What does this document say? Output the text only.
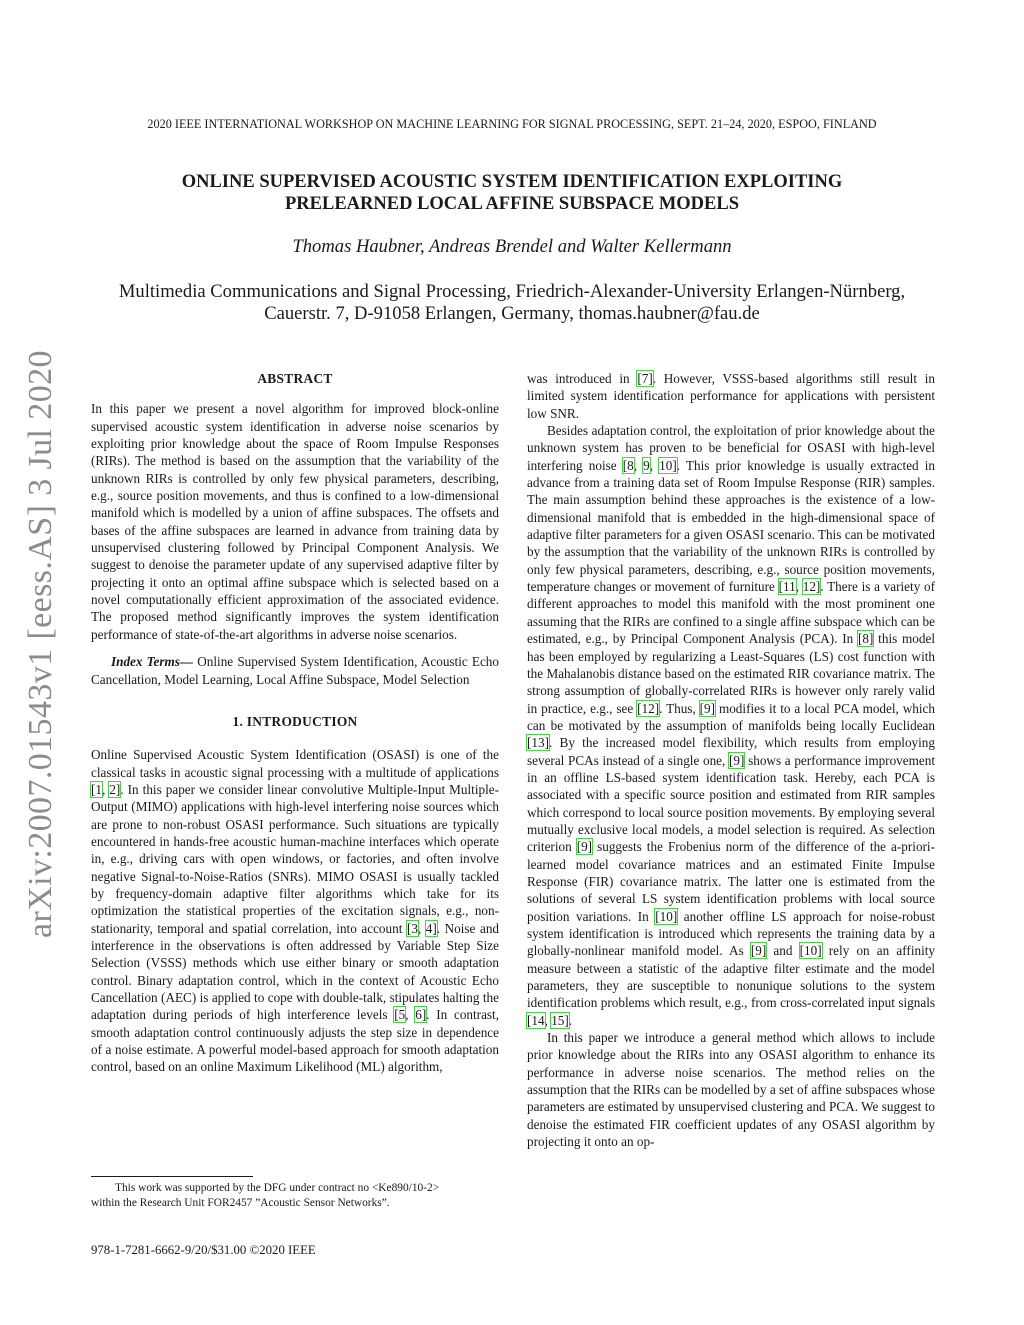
2020 IEEE INTERNATIONAL WORKSHOP ON MACHINE LEARNING FOR SIGNAL PROCESSING, SEPT. 21–24, 2020, ESPOO, FINLAND
ONLINE SUPERVISED ACOUSTIC SYSTEM IDENTIFICATION EXPLOITING
PRELEARNED LOCAL AFFINE SUBSPACE MODELS
Thomas Haubner, Andreas Brendel and Walter Kellermann
Multimedia Communications and Signal Processing, Friedrich-Alexander-University Erlangen-Nürnberg,
Cauerstr. 7, D-91058 Erlangen, Germany, thomas.haubner@fau.de
arXiv:2007.01543v1 [eess.AS] 3 Jul 2020	ABSTRACT

In this paper we present a novel algorithm for improved block-online supervised acoustic system identification in adverse noise scenarios by exploiting prior knowledge about the space of Room Impulse Responses (RIRs). The method is based on the assumption that the variability of the unknown RIRs is controlled by only few physical parameters, describing, e.g., source position movements, and thus is confined to a low-dimensional manifold which is modelled by a union of affine subspaces. The offsets and bases of the affine subspaces are learned in advance from training data by unsupervised clustering followed by Principal Component Analysis. We suggest to denoise the parameter update of any supervised adaptive filter by projecting it onto an optimal affine subspace which is selected based on a novel computationally efficient approximation of the associated evidence. The proposed method significantly improves the system identification performance of state-of-the-art algorithms in adverse noise scenarios.

Index Terms— Online Supervised System Identification, Acoustic Echo Cancellation, Model Learning, Local Affine Subspace, Model Selection

1. INTRODUCTION

Online Supervised Acoustic System Identification (OSASI) is one of the classical tasks in acoustic signal processing with a multitude of applications [1, 2]. In this paper we consider linear convolutive Multiple-Input Multiple-Output (MIMO) applications with high-level interfering noise sources which are prone to non-robust OSASI performance. Such situations are typically encountered in hands-free acoustic human-machine interfaces which operate in, e.g., driving cars with open windows, or factories, and often involve negative Signal-to-Noise-Ratios (SNRs). MIMO OSASI is usually tackled by frequency-domain adaptive filter algorithms which take for its optimization the statistical properties of the excitation signals, e.g., non-stationarity, temporal and spatial correlation, into account [3, 4]. Noise and interference in the observations is often addressed by Variable Step Size Selection (VSSS) methods which use either binary or smooth adaptation control. Binary adaptation control, which in the context of Acoustic Echo Cancellation (AEC) is applied to cope with double-talk, stipulates halting the adaptation during periods of high interference levels [5, 6]. In contrast, smooth adaptation control continuously adjusts the step size in dependence of a noise estimate. A powerful model-based approach for smooth adaptation control, based on an online Maximum Likelihood (ML) algorithm,

was introduced in [7]. However, VSSS-based algorithms still result in limited system identification performance for applications with persistent low SNR.

Besides adaptation control, the exploitation of prior knowledge about the unknown system has proven to be beneficial for OSASI with high-level interfering noise [8, 9, 10]. This prior knowledge is usually extracted in advance from a training data set of Room Impulse Response (RIR) samples. The main assumption behind these approaches is the existence of a low-dimensional manifold that is embedded in the high-dimensional space of adaptive filter parameters for a given OSASI scenario. This can be motivated by the assumption that the variability of the unknown RIRs is controlled by only few physical parameters, describing, e.g., source position movements, temperature changes or movement of furniture [11, 12]. There is a variety of different approaches to model this manifold with the most prominent one assuming that the RIRs are confined to a single affine subspace which can be estimated, e.g., by Principal Component Analysis (PCA). In [8] this model has been employed by regularizing a Least-Squares (LS) cost function with the Mahalanobis distance based on the estimated RIR covariance matrix. The strong assumption of globally-correlated RIRs is however only rarely valid in practice, e.g., see [12]. Thus, [9] modifies it to a local PCA model, which can be motivated by the assumption of manifolds being locally Euclidean [13]. By the increased model flexibility, which results from employing several PCAs instead of a single one, [9] shows a performance improvement in an offline LS-based system identification task. Hereby, each PCA is associated with a specific source position and estimated from RIR samples which correspond to local source position movements. By employing several mutually exclusive local models, a model selection is required. As selection criterion [9] suggests the Frobenius norm of the difference of the a-priori-learned model covariance matrices and an estimated Finite Impulse Response (FIR) covariance matrix. The latter one is estimated from the solutions of several LS system identification problems with local source position variations. In [10] another offline LS approach for noise-robust system identification is introduced which represents the training data by a globally-nonlinear manifold model. As [9] and [10] rely on an affinity measure between a statistic of the adaptive filter estimate and the model parameters, they are susceptible to nonunique solutions to the system identification problems which result, e.g., from cross-correlated input signals [14, 15].

In this paper we introduce a general method which allows to include prior knowledge about the RIRs into any OSASI algorithm to enhance its performance in adverse noise scenarios. The method relies on the assumption that the RIRs can be modelled by a set of affine subspaces whose parameters are estimated by unsupervised clustering and PCA. We suggest to denoise the estimated FIR coefficient updates of any OSASI algorithm by projecting it onto an op-

This work was supported by the DFG under contract no <Ke890/10-2>
within the Research Unit FOR2457 ”Acoustic Sensor Networks”.
978-1-7281-6662-9/20/$31.00 ©2020 IEEE
